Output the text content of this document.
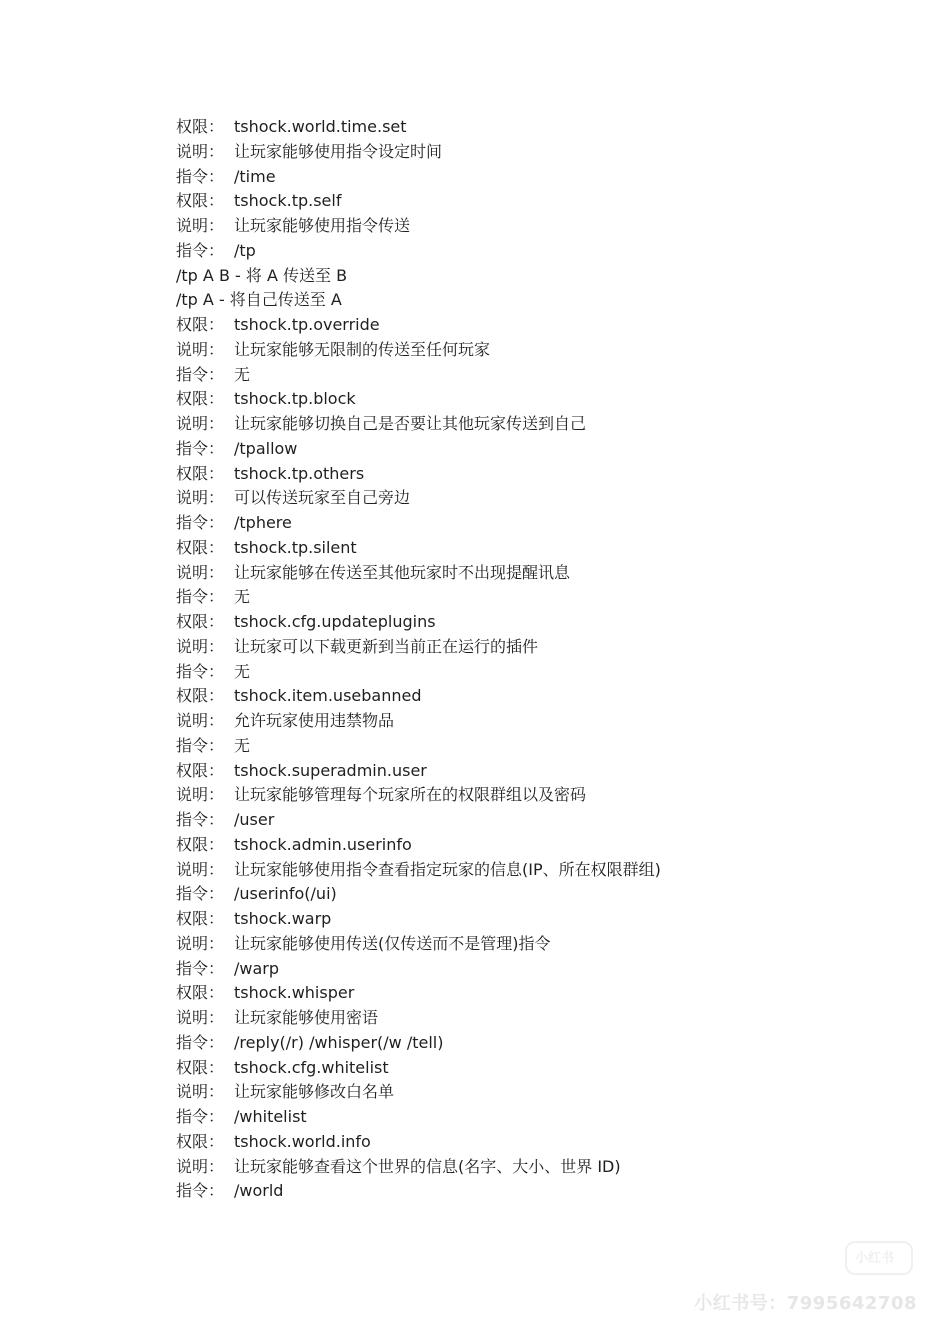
权限： tshock.world.time.set
说明： 让玩家能够使用指令设定时间
指令： /time
权限： tshock.tp.self
说明： 让玩家能够使用指令传送
指令： /tp
/tp A B - 将 A 传送至 B
/tp A - 将自己传送至 A
权限： tshock.tp.override
说明： 让玩家能够无限制的传送至任何玩家
指令： 无
权限： tshock.tp.block
说明： 让玩家能够切换自己是否要让其他玩家传送到自己
指令： /tpallow
权限： tshock.tp.others
说明： 可以传送玩家至自己旁边
指令： /tphere
权限： tshock.tp.silent
说明： 让玩家能够在传送至其他玩家时不出现提醒讯息
指令： 无
权限： tshock.cfg.updateplugins
说明： 让玩家可以下载更新到当前正在运行的插件
指令： 无
权限： tshock.item.usebanned
说明： 允许玩家使用违禁物品
指令： 无
权限： tshock.superadmin.user
说明： 让玩家能够管理每个玩家所在的权限群组以及密码
指令： /user
权限： tshock.admin.userinfo
说明： 让玩家能够使用指令查看指定玩家的信息(IP、所在权限群组)
指令： /userinfo(/ui)
权限： tshock.warp
说明： 让玩家能够使用传送(仅传送而不是管理)指令
指令： /warp
权限： tshock.whisper
说明： 让玩家能够使用密语
指令： /reply(/r) /whisper(/w /tell)
权限： tshock.cfg.whitelist
说明： 让玩家能够修改白名单
指令： /whitelist
权限： tshock.world.info
说明： 让玩家能够查看这个世界的信息(名字、大小、世界 ID)
指令： /world
小红书
小红书号：7995642708
